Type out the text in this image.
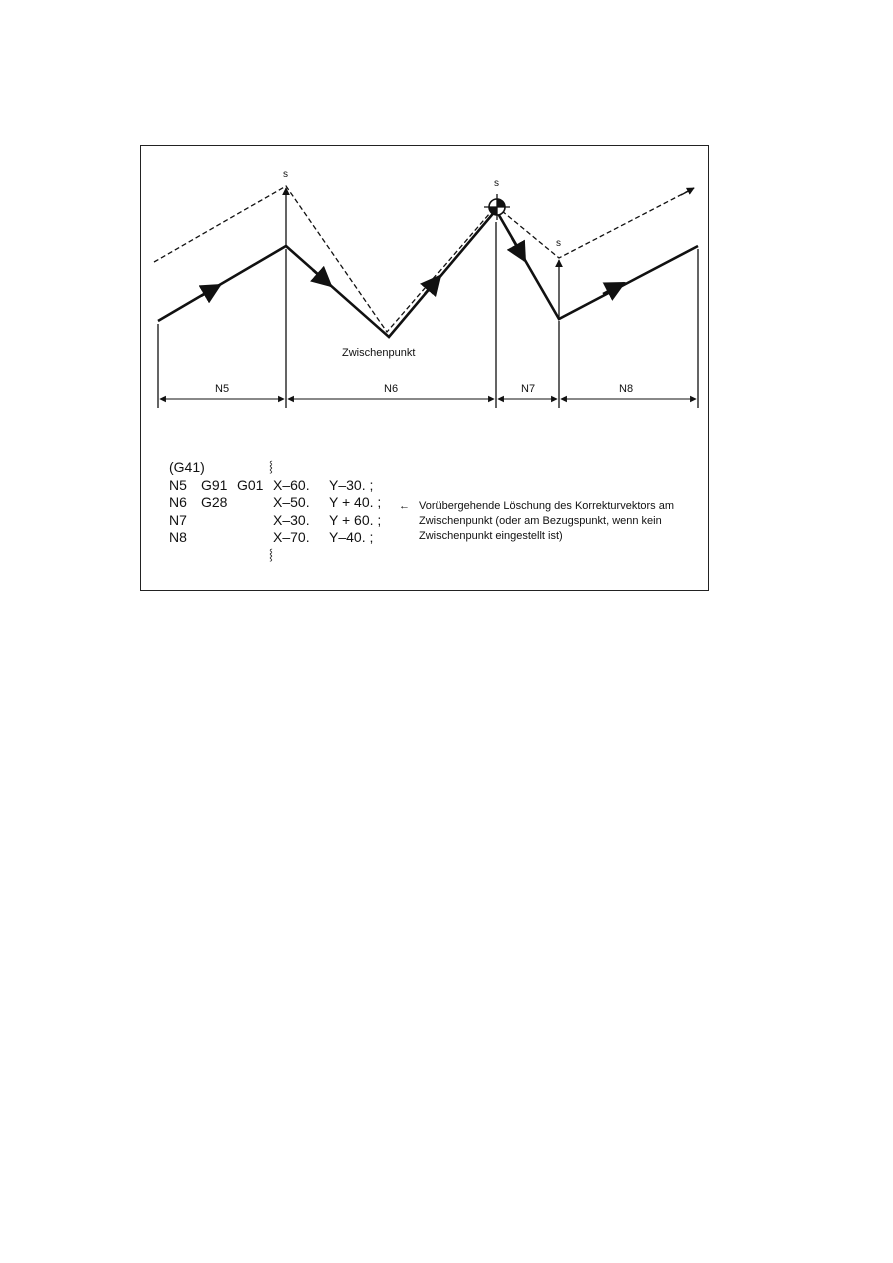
s
s
s
Zwischenpunkt
N5	N6	N7	N8
(G41)	⸾
N5 G91 G01 X–60. Y–30. ;
N6 G28	X–50. Y + 40. ;
N7	X–30. Y + 60. ;
N8	X–70. Y–40. ;
⸾
← Vorübergehende Löschung des Korrekturvektors am Zwischenpunkt (oder am Bezugspunkt, wenn kein Zwischenpunkt eingestellt ist)
